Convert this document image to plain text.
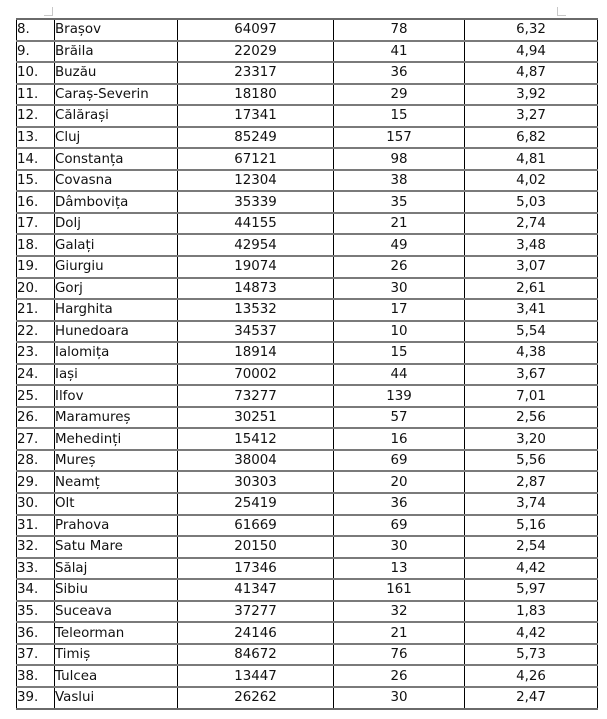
8.	Brașov	64097	78	6,32
9.	Brăila	22029	41	4,94
10.	Buzău	23317	36	4,87
11.	Caraș-Severin	18180	29	3,92
12.	Călărași	17341	15	3,27
13.	Cluj	85249	157	6,82
14.	Constanța	67121	98	4,81
15.	Covasna	12304	38	4,02
16.	Dâmbovița	35339	35	5,03
17.	Dolj	44155	21	2,74
18.	Galați	42954	49	3,48
19.	Giurgiu	19074	26	3,07
20.	Gorj	14873	30	2,61
21.	Harghita	13532	17	3,41
22.	Hunedoara	34537	10	5,54
23.	Ialomița	18914	15	4,38
24.	Iași	70002	44	3,67
25.	Ilfov	73277	139	7,01
26.	Maramureș	30251	57	2,56
27.	Mehedinți	15412	16	3,20
28.	Mureș	38004	69	5,56
29.	Neamț	30303	20	2,87
30.	Olt	25419	36	3,74
31.	Prahova	61669	69	5,16
32.	Satu Mare	20150	30	2,54
33.	Sălaj	17346	13	4,42
34.	Sibiu	41347	161	5,97
35.	Suceava	37277	32	1,83
36.	Teleorman	24146	21	4,42
37.	Timiș	84672	76	5,73
38.	Tulcea	13447	26	4,26
39.	Vaslui	26262	30	2,47
